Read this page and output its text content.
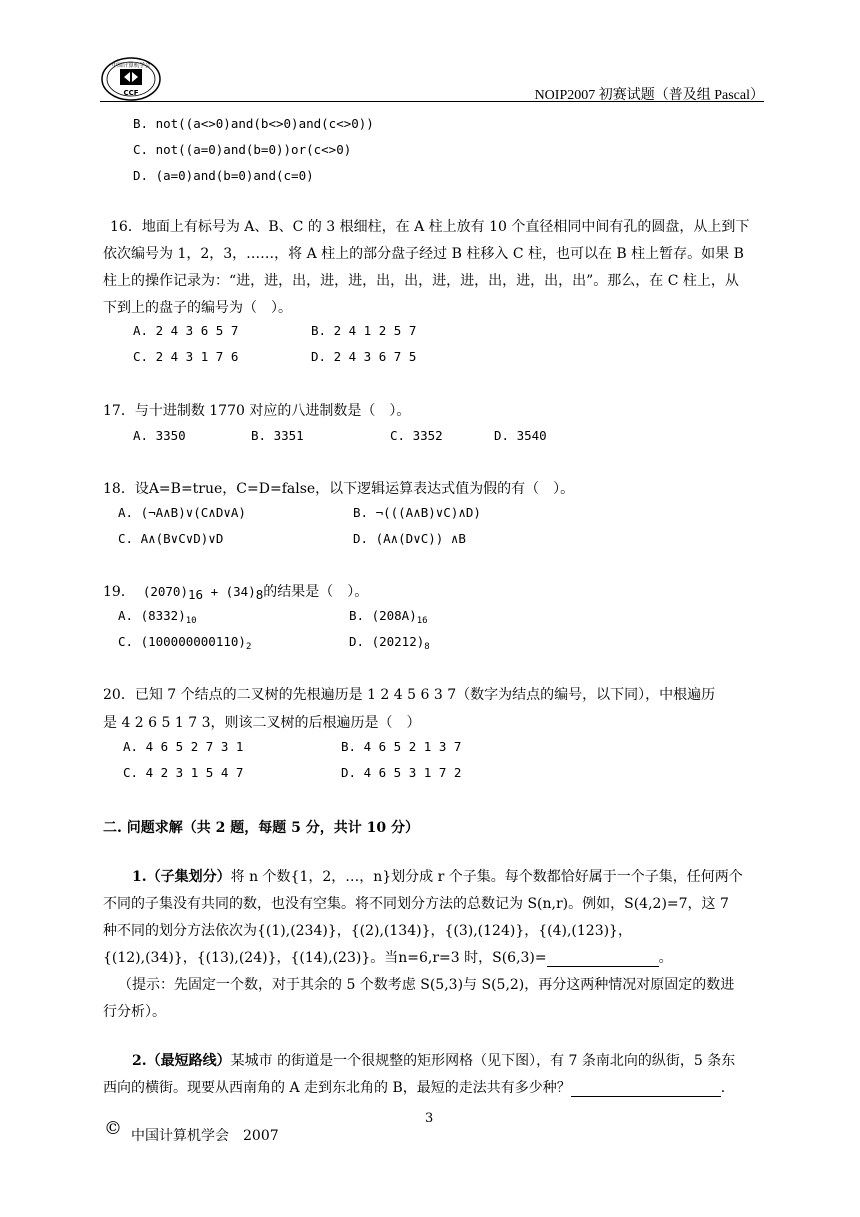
中国计算机学会
CCF	NOIP2007 初赛试题（普及组 Pascal）
B. not((a<>0)and(b<>0)and(c<>0))
C. not((a=0)and(b=0))or(c<>0)
D. (a=0)and(b=0)and(c=0)
16．地面上有标号为 A、B、C 的 3 根细柱，在 A 柱上放有 10 个直径相同中间有孔的圆盘，从上到下
依次编号为 1，2，3，……，将 A 柱上的部分盘子经过 B 柱移入 C 柱，也可以在 B 柱上暂存。如果 B
柱上的操作记录为：“进，进，出，进，进，出，出，进，进，出，进，出，出”。那么，在 C 柱上，从
下到上的盘子的编号为（　）。
A. 2 4 3 6 5 7	B. 2 4 1 2 5 7
C. 2 4 3 1 7 6	D. 2 4 3 6 7 5
17．与十进制数 1770 对应的八进制数是（　）。
A. 3350	B. 3351	C. 3352	D. 3540
18．设A=B=true，C=D=false，以下逻辑运算表达式值为假的有（　）。
A. (¬A∧B)∨(C∧D∨A)	B. ¬(((A∧B)∨C)∧D)
C. A∧(B∨C∨D)∨D	D. (A∧(D∨C)) ∧B
19． $(2070)_{16} + (34)_8$的结果是（　）。
A. $(8332)_{10}$	B. $(208A)_{16}$
C. $(100000000110)_2$	D. $(20212)_8$
20．已知 7 个结点的二叉树的先根遍历是 1 2 4 5 6 3 7（数字为结点的编号，以下同），中根遍历
是 4 2 6 5 1 7 3，则该二叉树的后根遍历是（　）
A. 4 6 5 2 7 3 1	B. 4 6 5 2 1 3 7
C. 4 2 3 1 5 4 7	D. 4 6 5 3 1 7 2
二. 问题求解（共 2 题，每题 5 分，共计 10 分）
1.（子集划分）将 n 个数{1，2，…，n}划分成 r 个子集。每个数都恰好属于一个子集，任何两个
不同的子集没有共同的数，也没有空集。将不同划分方法的总数记为 S(n,r)。例如，S(4,2)=7，这 7
种不同的划分方法依次为{(1),(234)}，{(2),(134)}，{(3),(124)}，{(4),(123)}，
{(12),(34)}，{(13),(24)}，{(14),(23)}。当n=6,r=3 时，S(6,3)=	。
（提示：先固定一个数，对于其余的 5 个数考虑 S(5,3)与 S(5,2)，再分这两种情况对原固定的数进
行分析）。
2.（最短路线）某城市 的街道是一个很规整的矩形网格（见下图），有 7 条南北向的纵街，5 条东
西向的横街。现要从西南角的 A 走到东北角的 B，最短的走法共有多少种？	.
3
© 中国计算机学会　2007
